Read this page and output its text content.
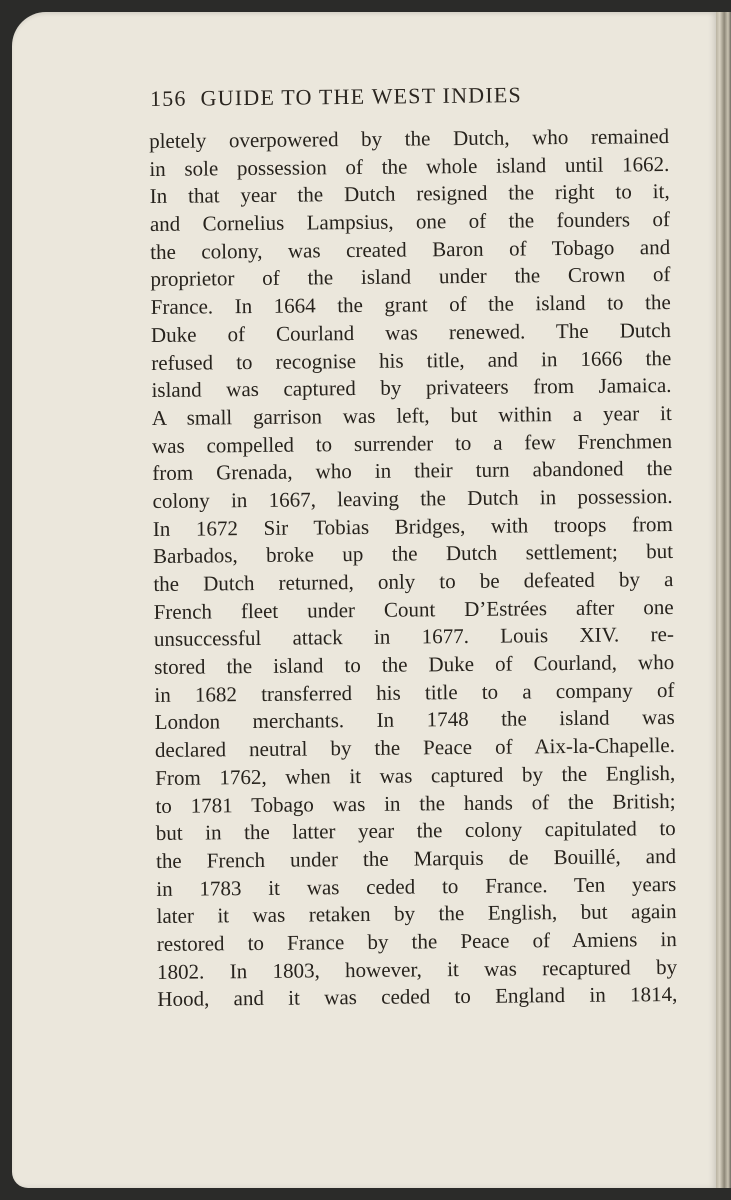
156 GUIDE TO THE WEST INDIES
pletely overpowered by the Dutch, who remained
in sole possession of the whole island until 1662.
In that year the Dutch resigned the right to it,
and Cornelius Lampsius, one of the founders of
the colony, was created Baron of Tobago and
proprietor of the island under the Crown of
France. In 1664 the grant of the island to the
Duke of Courland was renewed. The Dutch
refused to recognise his title, and in 1666 the
island was captured by privateers from Jamaica.
A small garrison was left, but within a year it
was compelled to surrender to a few Frenchmen
from Grenada, who in their turn abandoned the
colony in 1667, leaving the Dutch in possession.
In 1672 Sir Tobias Bridges, with troops from
Barbados, broke up the Dutch settlement; but
the Dutch returned, only to be defeated by a
French fleet under Count D’Estrées after one
unsuccessful attack in 1677. Louis XIV. re-
stored the island to the Duke of Courland, who
in 1682 transferred his title to a company of
London merchants. In 1748 the island was
declared neutral by the Peace of Aix-la-Chapelle.
From 1762, when it was captured by the English,
to 1781 Tobago was in the hands of the British;
but in the latter year the colony capitulated to
the French under the Marquis de Bouillé, and
in 1783 it was ceded to France. Ten years
later it was retaken by the English, but again
restored to France by the Peace of Amiens in
1802. In 1803, however, it was recaptured by
Hood, and it was ceded to England in 1814,
